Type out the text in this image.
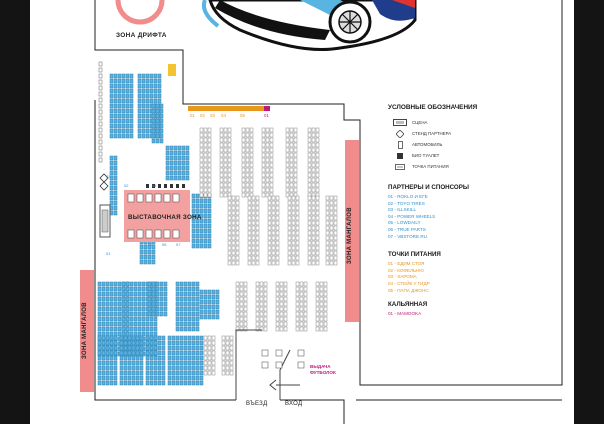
ЗОНА ДРИФТА
ВЫСТАВОЧНАЯ ЗОНА
ЗОНА МАНГАЛОВ
ЗОНА МАНГАЛОВ
ВЪЕЗД	ВХОД
ВЫДАЧА ФУТБОЛОК
01 02 03 04	05	01
01
02
03
04
05 06 07
УСЛОВНЫЕ ОБОЗНАЧЕНИЯ
СЦЕНА
СТЕНД ПАРТНЕРА
АВТОМОБИЛЬ
БИО ТУАЛЕТ
ТОЧКА ПИТАНИЯ
ПАРТНЕРЫ И СПОНСОРЫ
01 - ROKLO И ЕГЕ
02 - TOYO TIRES
03 - ILLSKILL
04 - POWER WHEELS
05 - LOWDAILY
06 - TRUE PARTS
07 - VBSTORE.RU
ТОЧКИ ПИТАНИЯ
01 - ЕДИМ СТОЯ
02 - КОФЕЛЬНЮ
03 - ХАРОМА
04 - СТЕЙК У ГИДР
05 - ПАПА ДЖОНС
КАЛЬЯННАЯ
01 - MAMOOKA
